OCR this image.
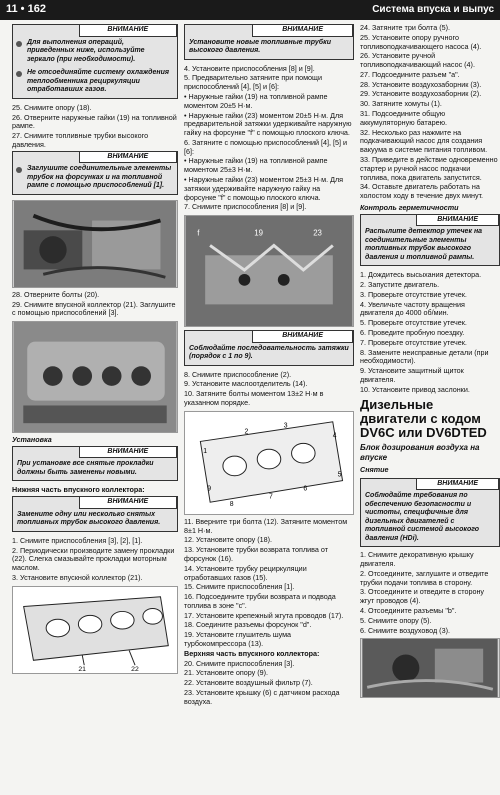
11 • 162	Система впуска и выпус
ВНИМАНИЕ
Для выполнения операций, приведенных ниже, используйте зеркало (при необходимости).
Не отсоединяйте систему охлаждения теплообменника рециркуляции отработавших газов.

25. Снимите опору (18).

26. Отверните наружные гайки (19) на топливной рампе.

27. Снимите топливные трубки высокого давления.

ВНИМАНИЕ
Заглушите соединительные элементы трубок на форсунках и на топливной рампе с помощью приспособлений [1].

28. Отверните болты (20).

29. Снимите впускной коллектор (21). Заглушите с помощью приспособлений [3].

Установка

ВНИМАНИЕ
При установке все снятые прокладки должны быть заменены новыми.

Нижняя часть впускного коллектора:

ВНИМАНИЕ
Замените одну или несколько снятых топливных трубок высокого давления.

1. Снимите приспособления [3], [2], [1].

2. Периодически производите замену прокладки (22). Слегка смазывайте прокладки моторным маслом.

3. Установите впускной коллектор (21).

21	22
ВНИМАНИЕ
Установите новые топливные трубки высокого давления.

4. Установите приспособления [8] и [9].

5. Предварительно затяните при помощи приспособлений [4], [5] и [6]:

• Наружные гайки (19) на топливной рампе моментом 20±5 Н·м.

• Наружные гайки (23) моментом 20±5 Н·м. Для предварительной затяжки удерживайте наружную гайку на форсунке "f" с помощью плоского ключа.

6. Затяните с помощью приспособлений [4], [5] и [6]:

• Наружные гайки (19) на топливной рампе моментом 25±3 Н·м.

• Наружные гайки (23) моментом 25±3 Н·м. Для затяжки удерживайте наружную гайку на форсунке "f" с помощью плоского ключа.

7. Снимите приспособления [8] и [9].

f	19	23
ВНИМАНИЕ
Соблюдайте последовательность затяжки (порядок с 1 по 9).

8. Снимите приспособление (2).

9. Установите маслоотделитель (14).

10. Затяните болты моментом 13±2 Н·м в указанном порядке.

1
2
3
4
5
6
7
8
9

11. Вверните три болта (12). Затяните моментом 8±1 Н·м.

12. Установите опору (18).

13. Установите трубки возврата топлива от форсунок (16).

14. Установите трубку рециркуляции отработавших газов (15).

15. Снимите приспособления [1].

16. Подсоедините трубки возврата и подвода топлива в зоне "c".

17. Установите крепежный жгута проводов (17).

18. Соедините разъемы форсунок "d".

19. Установите глушитель шума турбокомпрессора (13).

Верхняя часть впускного коллектора:

20. Снимите приспособления [3].

21. Установите опору (9).

22. Установите воздушный фильтр (7).

23. Установите крышку (6) с датчиком расхода воздуха.

24. Затяните три болта (5).

25. Установите опору ручного топливоподкачивающего насоса (4).

26. Установите ручной топливоподкачивающий насос (4).

27. Подсоедините разъем "a".

28. Установите воздухозаборник (3).

29. Установите воздухозаборник (2).

30. Затяните хомуты (1).

31. Подсоедините общую аккумуляторную батарею.

32. Несколько раз нажмите на подкачивающий насос для создания вакуума в системе питания топливом.

33. Приведите в действие одновременно стартер и ручной насос подкачки топлива, пока двигатель запустится.

34. Оставьте двигатель работать на холостом ходу в течение двух минут.

Контроль герметичности

ВНИМАНИЕ
Распылите детектор утечек на соединительные элементы топливных трубок высокого давления и топливной рампы.

1. Дождитесь высыхания детектора.

2. Запустите двигатель.

3. Проверьте отсутствие утечек.

4. Увеличьте частоту вращения двигателя до 4000 об/мин.

5. Проверьте отсутствие утечек.

6. Проведите пробную поездку.

7. Проверьте отсутствие утечек.

8. Замените неисправные детали (при необходимости).

9. Установите защитный щиток двигателя.

10. Установите привод заслонки.

Дизельные двигатели с кодом DV6C или DV6DTED
Блок дозирования воздуха на впуске

Снятие

ВНИМАНИЕ
Соблюдайте требования по обеспечению безопасности и чистоты, специфичные для дизельных двигателей с топливной системой высокого давления (HDi).

1. Снимите декоративную крышку двигателя.

2. Отсоедините, заглушите и отведите трубки подачи топлива в сторону.

3. Отсоедините и отведите в сторону жгут проводов (4).

4. Отсоедините разъемы "b".

5. Снимите опору (5).

6. Снимите воздуховод (3).
